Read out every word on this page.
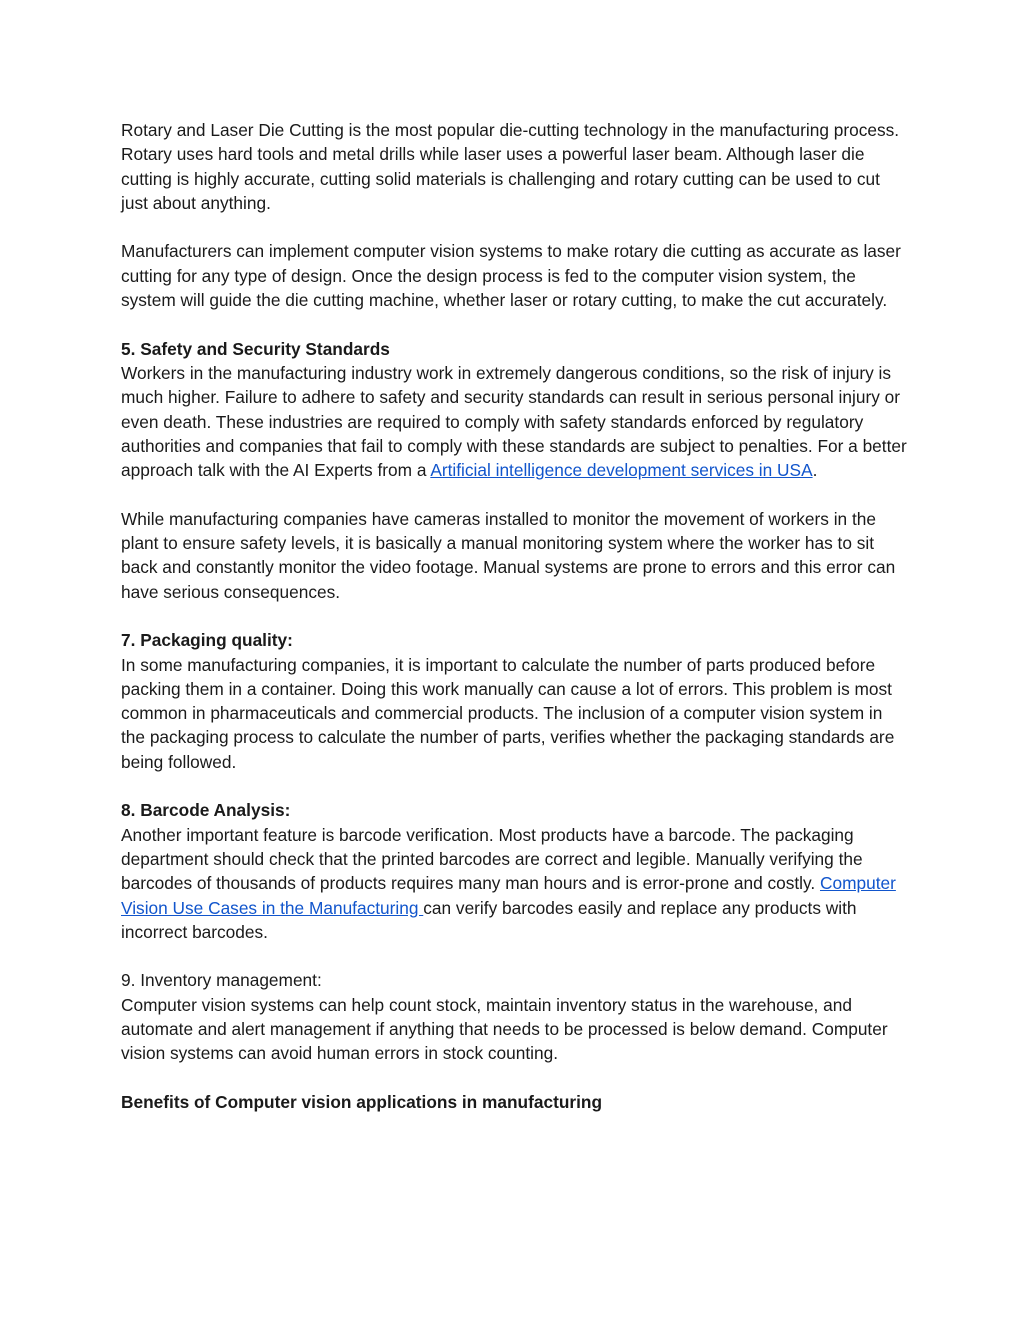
Rotary and Laser Die Cutting is the most popular die-cutting technology in the manufacturing process. Rotary uses hard tools and metal drills while laser uses a powerful laser beam. Although laser die cutting is highly accurate, cutting solid materials is challenging and rotary cutting can be used to cut just about anything.

Manufacturers can implement computer vision systems to make rotary die cutting as accurate as laser cutting for any type of design. Once the design process is fed to the computer vision system, the system will guide the die cutting machine, whether laser or rotary cutting, to make the cut accurately.

5. Safety and Security Standards
Workers in the manufacturing industry work in extremely dangerous conditions, so the risk of injury is much higher. Failure to adhere to safety and security standards can result in serious personal injury or even death. These industries are required to comply with safety standards enforced by regulatory authorities and companies that fail to comply with these standards are subject to penalties. For a better approach talk with the AI Experts from a Artificial intelligence development services in USA.

While manufacturing companies have cameras installed to monitor the movement of workers in the plant to ensure safety levels, it is basically a manual monitoring system where the worker has to sit back and constantly monitor the video footage. Manual systems are prone to errors and this error can have serious consequences.

7. Packaging quality:
In some manufacturing companies, it is important to calculate the number of parts produced before packing them in a container. Doing this work manually can cause a lot of errors. This problem is most common in pharmaceuticals and commercial products. The inclusion of a computer vision system in the packaging process to calculate the number of parts, verifies whether the packaging standards are being followed.
8. Barcode Analysis:
Another important feature is barcode verification. Most products have a barcode. The packaging department should check that the printed barcodes are correct and legible. Manually verifying the barcodes of thousands of products requires many man hours and is error-prone and costly. Computer Vision Use Cases in the Manufacturing can verify barcodes easily and replace any products with incorrect barcodes.
9. Inventory management:
Computer vision systems can help count stock, maintain inventory status in the warehouse, and automate and alert management if anything that needs to be processed is below demand. Computer vision systems can avoid human errors in stock counting.

Benefits of Computer vision applications in manufacturing
